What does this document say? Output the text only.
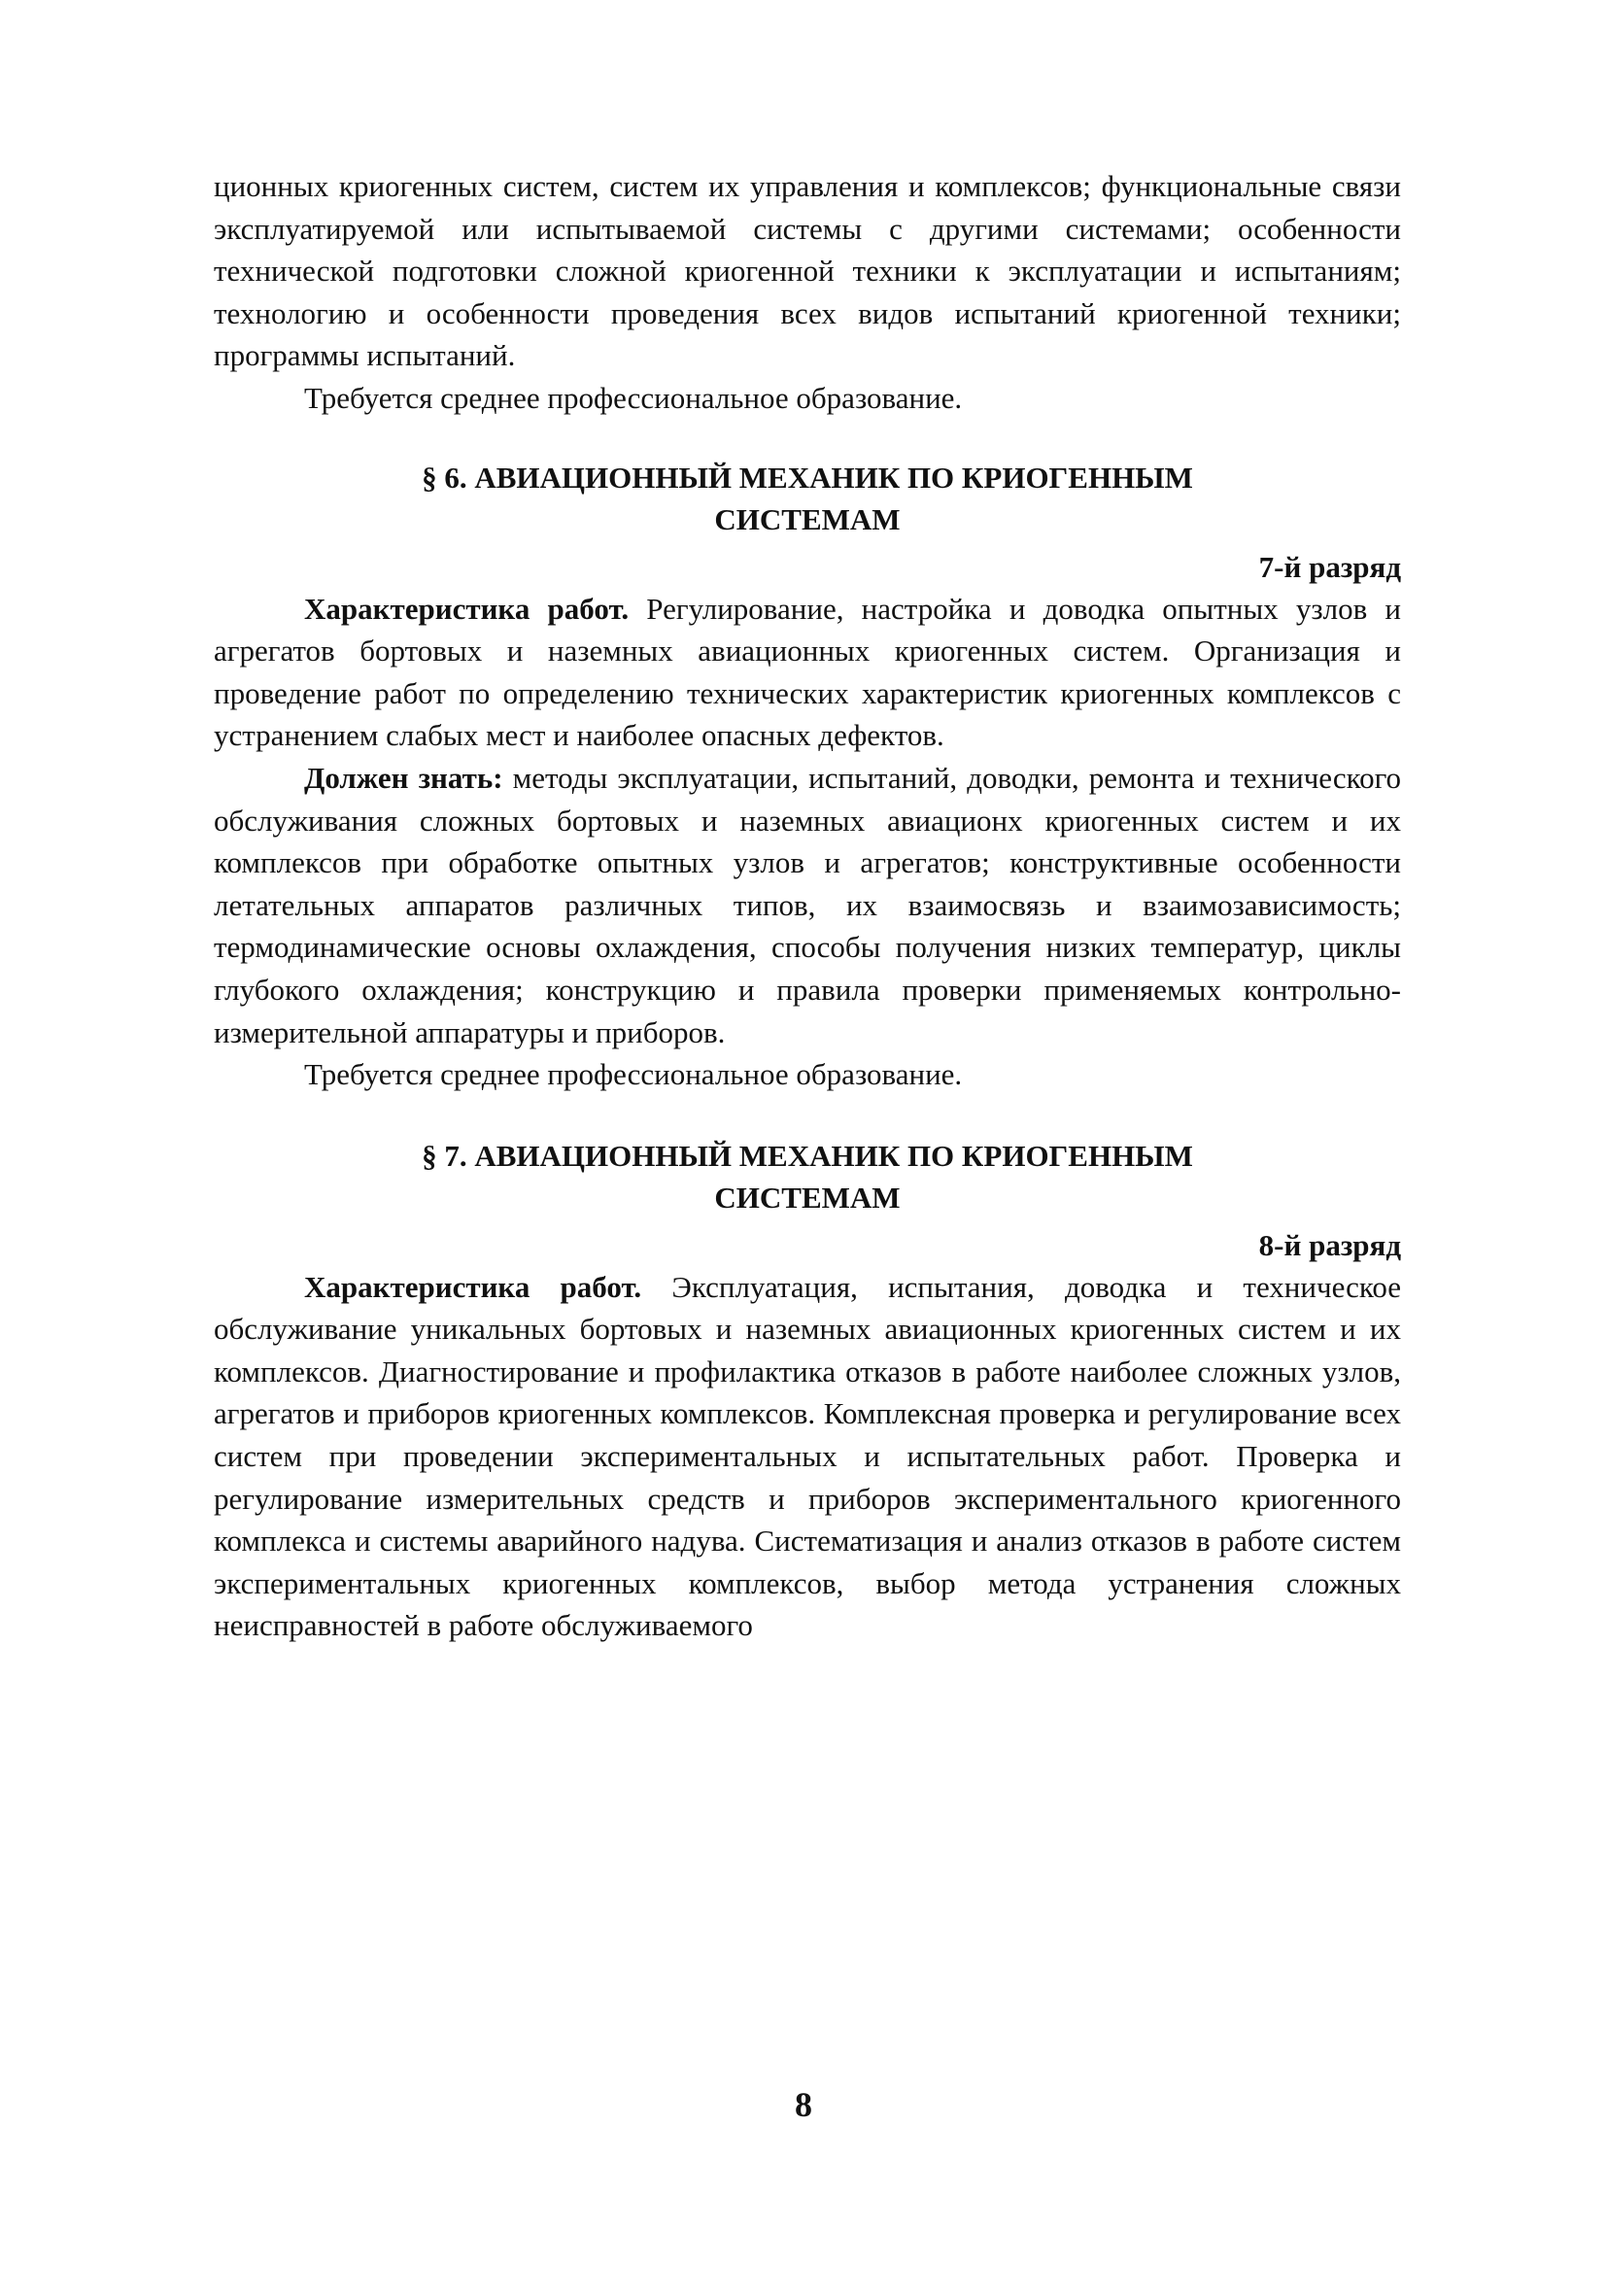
ционных криогенных систем, систем их управления и комплексов; функциональные связи эксплуатируемой или испытываемой системы с другими системами; особенности технической подготовки сложной криогенной техники к эксплуатации и испытаниям; технологию и особенности проведения всех видов испытаний криогенной техники; программы испытаний.

Требуется среднее профессиональное образование.

§ 6. АВИАЦИОННЫЙ МЕХАНИК ПО КРИОГЕННЫМ
СИСТЕМАМ
7-й разряд

Характеристика работ. Регулирование, настройка и доводка опытных узлов и агрегатов бортовых и наземных авиационных криогенных систем. Организация и проведение работ по определению технических характеристик криогенных комплексов с устранением слабых мест и наиболее опасных дефектов.

Должен знать: методы эксплуатации, испытаний, доводки, ремонта и технического обслуживания сложных бортовых и наземных авиационх криогенных систем и их комплексов при обработке опытных узлов и агрегатов; конструктивные особенности летательных аппаратов различных типов, их взаимосвязь и взаимозависимость; термодинамические основы охлаждения, способы получения низких температур, циклы глубокого охлаждения; конструкцию и правила проверки применяемых контрольно-измерительной аппаратуры и приборов.

Требуется среднее профессиональное образование.

§ 7. АВИАЦИОННЫЙ МЕХАНИК ПО КРИОГЕННЫМ
СИСТЕМАМ
8-й разряд

Характеристика работ. Эксплуатация, испытания, доводка и техническое обслуживание уникальных бортовых и наземных авиационных криогенных систем и их комплексов. Диагностирование и профилактика отказов в работе наиболее сложных узлов, агрегатов и приборов криогенных комплексов. Комплексная проверка и регулирование всех систем при проведении экспериментальных и испытательных работ. Проверка и регулирование измерительных средств и приборов экспериментального криогенного комплекса и системы аварийного надува. Систематизация и анализ отказов в работе систем экспериментальных криогенных комплексов, выбор метода устранения сложных неисправностей в работе обслуживаемого

8
